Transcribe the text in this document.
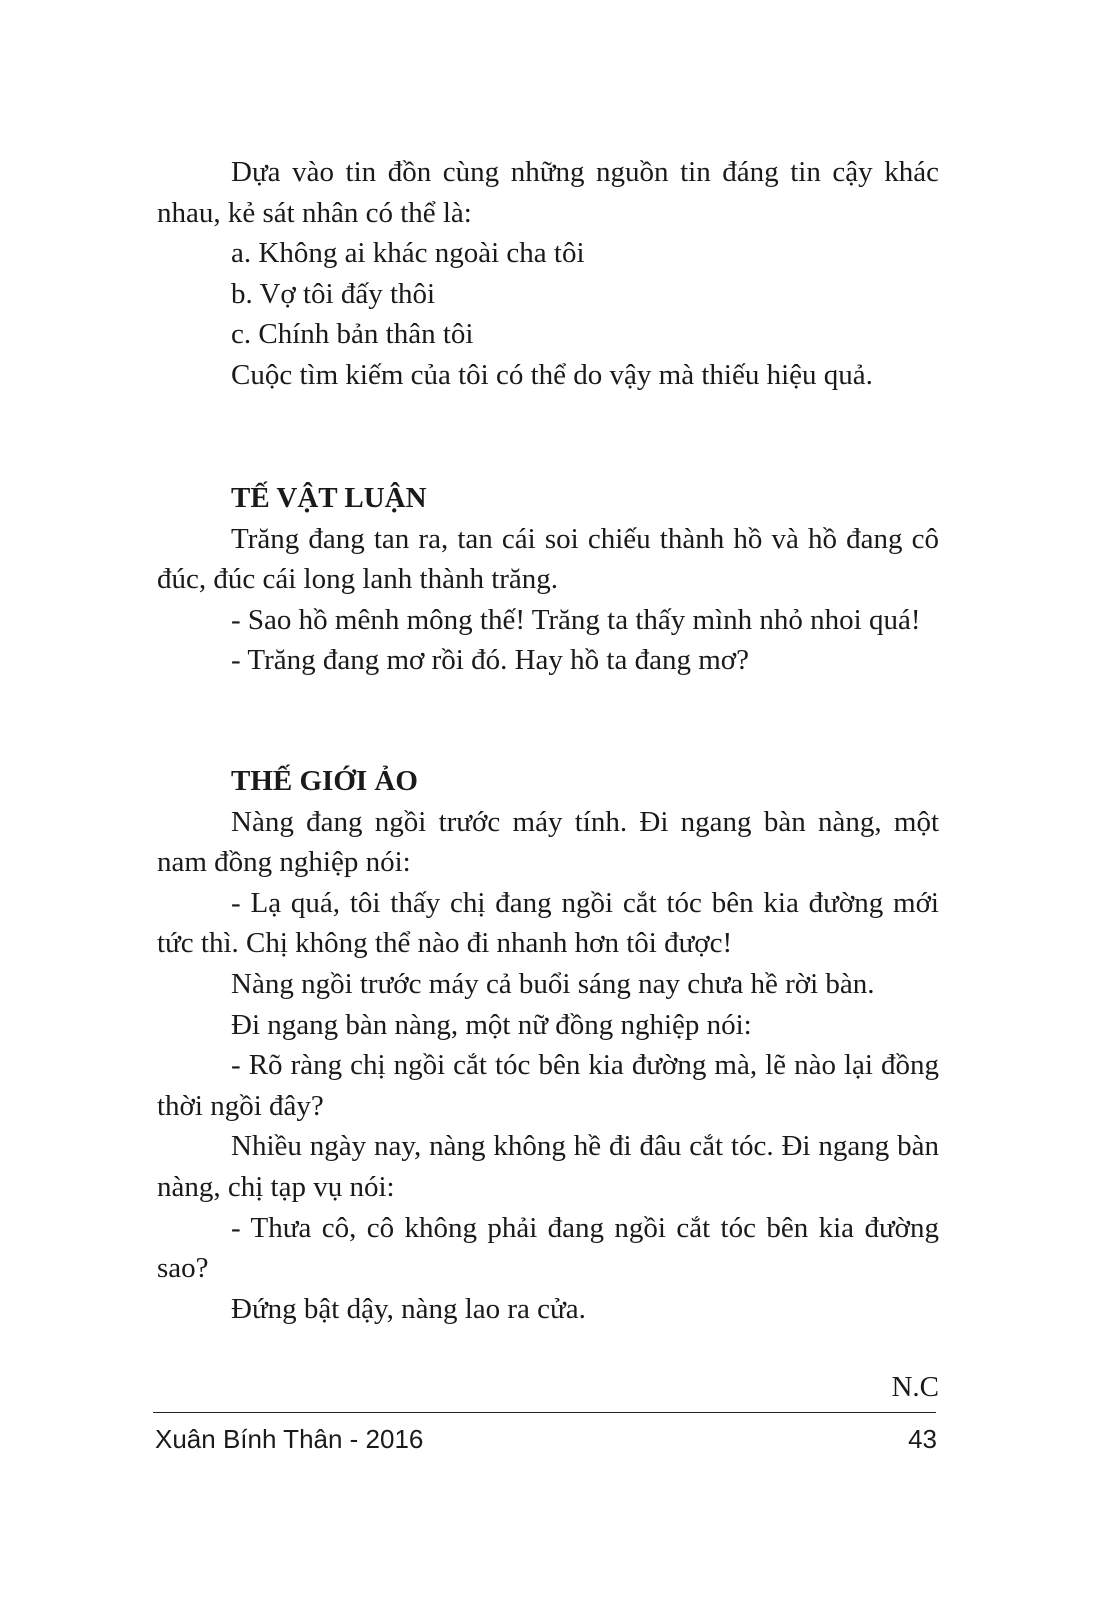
Dựa vào tin đồn cùng những nguồn tin đáng tin cậy khác nhau, kẻ sát nhân có thể là:

a. Không ai khác ngoài cha tôi

b. Vợ tôi đấy thôi

c. Chính bản thân tôi

Cuộc tìm kiếm của tôi có thể do vậy mà thiếu hiệu quả.

TẾ VẬT LUẬN

Trăng đang tan ra, tan cái soi chiếu thành hồ và hồ đang cô đúc, đúc cái long lanh thành trăng.

- Sao hồ mênh mông thế! Trăng ta thấy mình nhỏ nhoi quá!

- Trăng đang mơ rồi đó. Hay hồ ta đang mơ?

THẾ GIỚI ẢO

Nàng đang ngồi trước máy tính. Đi ngang bàn nàng, một nam đồng nghiệp nói:

- Lạ quá, tôi thấy chị đang ngồi cắt tóc bên kia đường mới tức thì. Chị không thể nào đi nhanh hơn tôi được!

Nàng ngồi trước máy cả buổi sáng nay chưa hề rời bàn.

Đi ngang bàn nàng, một nữ đồng nghiệp nói:

- Rõ ràng chị ngồi cắt tóc bên kia đường mà, lẽ nào lại đồng thời ngồi đây?

Nhiều ngày nay, nàng không hề đi đâu cắt tóc. Đi ngang bàn nàng, chị tạp vụ nói:

- Thưa cô, cô không phải đang ngồi cắt tóc bên kia đường sao?

Đứng bật dậy, nàng lao ra cửa.

N.C
Xuân Bính Thân - 2016	43
